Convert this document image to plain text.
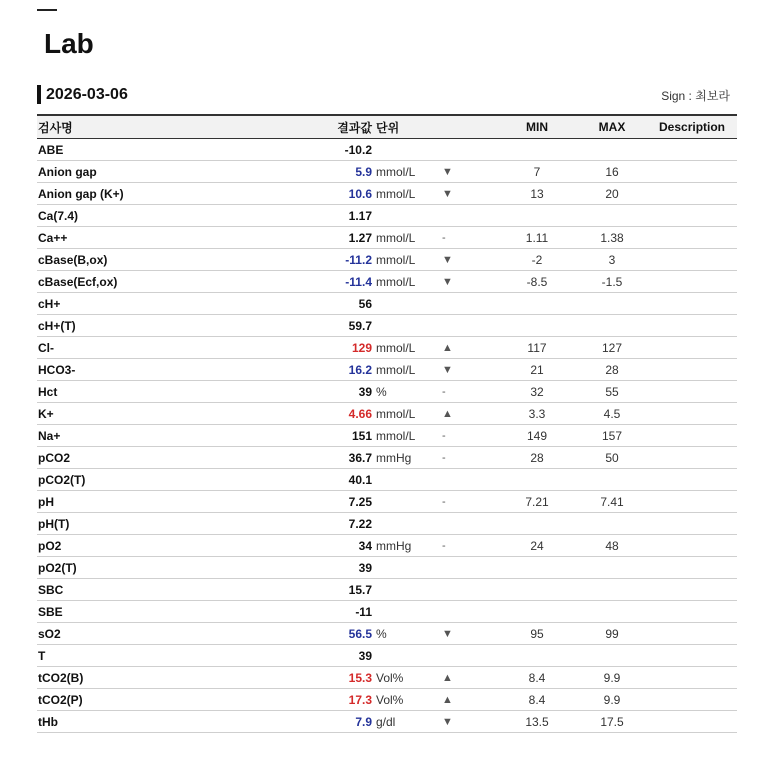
Lab
2026-03-06	Sign : 최보라
검사명	결과값	단위		MIN	MAX	Description
ABE	-10.2					
Anion gap	5.9	mmol/L	▼	7	16	
Anion gap (K+)	10.6	mmol/L	▼	13	20	
Ca(7.4)	1.17					
Ca++	1.27	mmol/L	-	1.11	1.38	
cBase(B,ox)	-11.2	mmol/L	▼	-2	3	
cBase(Ecf,ox)	-11.4	mmol/L	▼	-8.5	-1.5	
cH+	56					
cH+(T)	59.7					
Cl-	129	mmol/L	▲	117	127	
HCO3-	16.2	mmol/L	▼	21	28	
Hct	39	%	-	32	55	
K+	4.66	mmol/L	▲	3.3	4.5	
Na+	151	mmol/L	-	149	157	
pCO2	36.7	mmHg	-	28	50	
pCO2(T)	40.1					
pH	7.25		-	7.21	7.41	
pH(T)	7.22					
pO2	34	mmHg	-	24	48	
pO2(T)	39					
SBC	15.7					
SBE	-11					
sO2	56.5	%	▼	95	99	
T	39					
tCO2(B)	15.3	Vol%	▲	8.4	9.9	
tCO2(P)	17.3	Vol%	▲	8.4	9.9	
tHb	7.9	g/dl	▼	13.5	17.5	
